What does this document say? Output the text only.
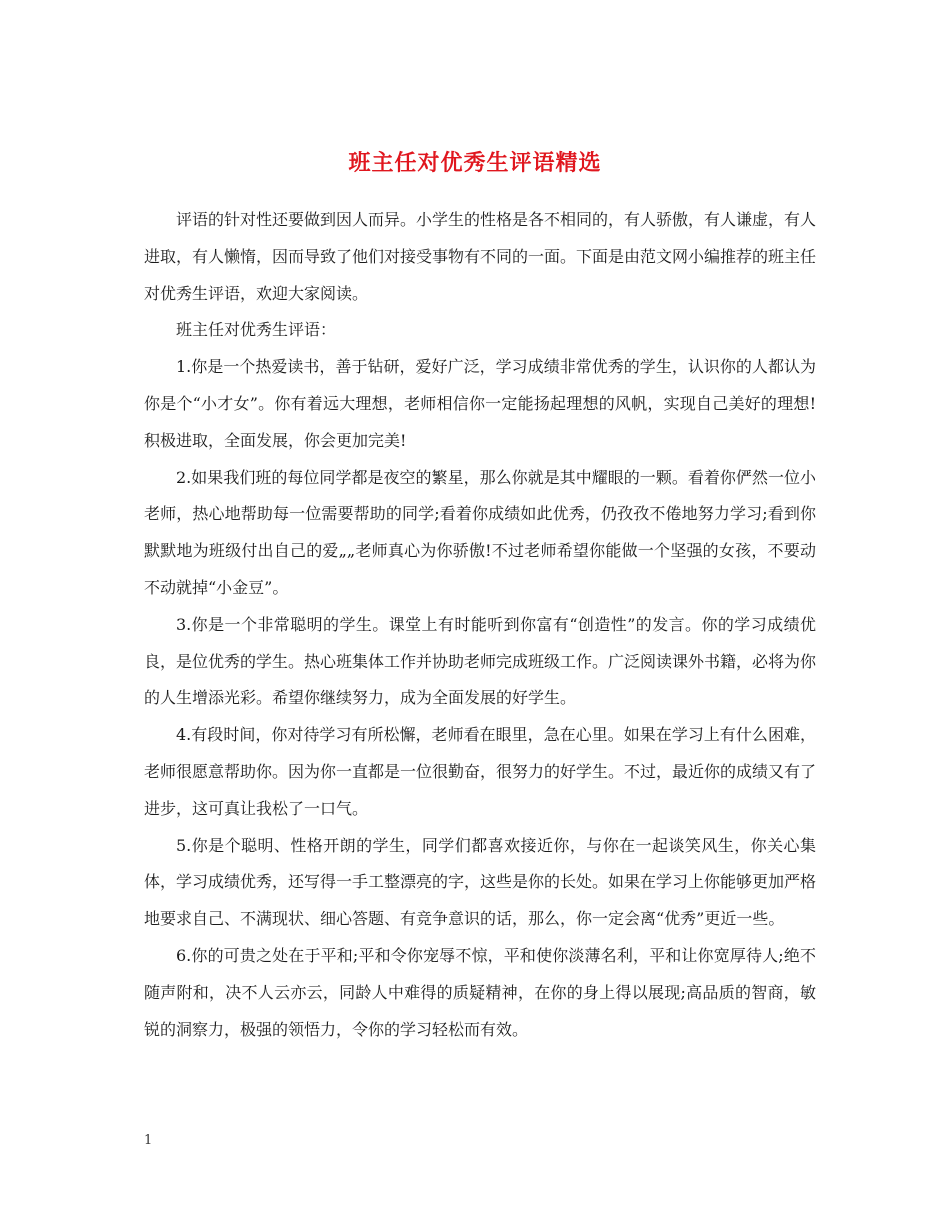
班主任对优秀生评语精选

评语的针对性还要做到因人而异。小学生的性格是各不相同的，有人骄傲，有人谦虚，有人进取，有人懒惰，因而导致了他们对接受事物有不同的一面。下面是由范文网小编推荐的班主任对优秀生评语，欢迎大家阅读。

班主任对优秀生评语：

1.你是一个热爱读书，善于钻研，爱好广泛，学习成绩非常优秀的学生，认识你的人都认为你是个“小才女”。你有着远大理想，老师相信你一定能扬起理想的风帆，实现自己美好的理想!积极进取，全面发展，你会更加完美!

2.如果我们班的每位同学都是夜空的繁星，那么你就是其中耀眼的一颗。看着你俨然一位小老师，热心地帮助每一位需要帮助的同学;看着你成绩如此优秀，仍孜孜不倦地努力学习;看到你默默地为班级付出自己的爱„„老师真心为你骄傲!不过老师希望你能做一个坚强的女孩，不要动不动就掉“小金豆”。

3.你是一个非常聪明的学生。课堂上有时能听到你富有“创造性”的发言。你的学习成绩优良，是位优秀的学生。热心班集体工作并协助老师完成班级工作。广泛阅读课外书籍，必将为你的人生增添光彩。希望你继续努力，成为全面发展的好学生。

4.有段时间，你对待学习有所松懈，老师看在眼里，急在心里。如果在学习上有什么困难，老师很愿意帮助你。因为你一直都是一位很勤奋，很努力的好学生。不过，最近你的成绩又有了进步，这可真让我松了一口气。

5.你是个聪明、性格开朗的学生，同学们都喜欢接近你，与你在一起谈笑风生，你关心集体，学习成绩优秀，还写得一手工整漂亮的字，这些是你的长处。如果在学习上你能够更加严格地要求自己、不满现状、细心答题、有竞争意识的话，那么，你一定会离“优秀”更近一些。

6.你的可贵之处在于平和;平和令你宠辱不惊，平和使你淡薄名利，平和让你宽厚待人;绝不随声附和，决不人云亦云，同龄人中难得的质疑精神，在你的身上得以展现;高品质的智商，敏锐的洞察力，极强的领悟力，令你的学习轻松而有效。

1
